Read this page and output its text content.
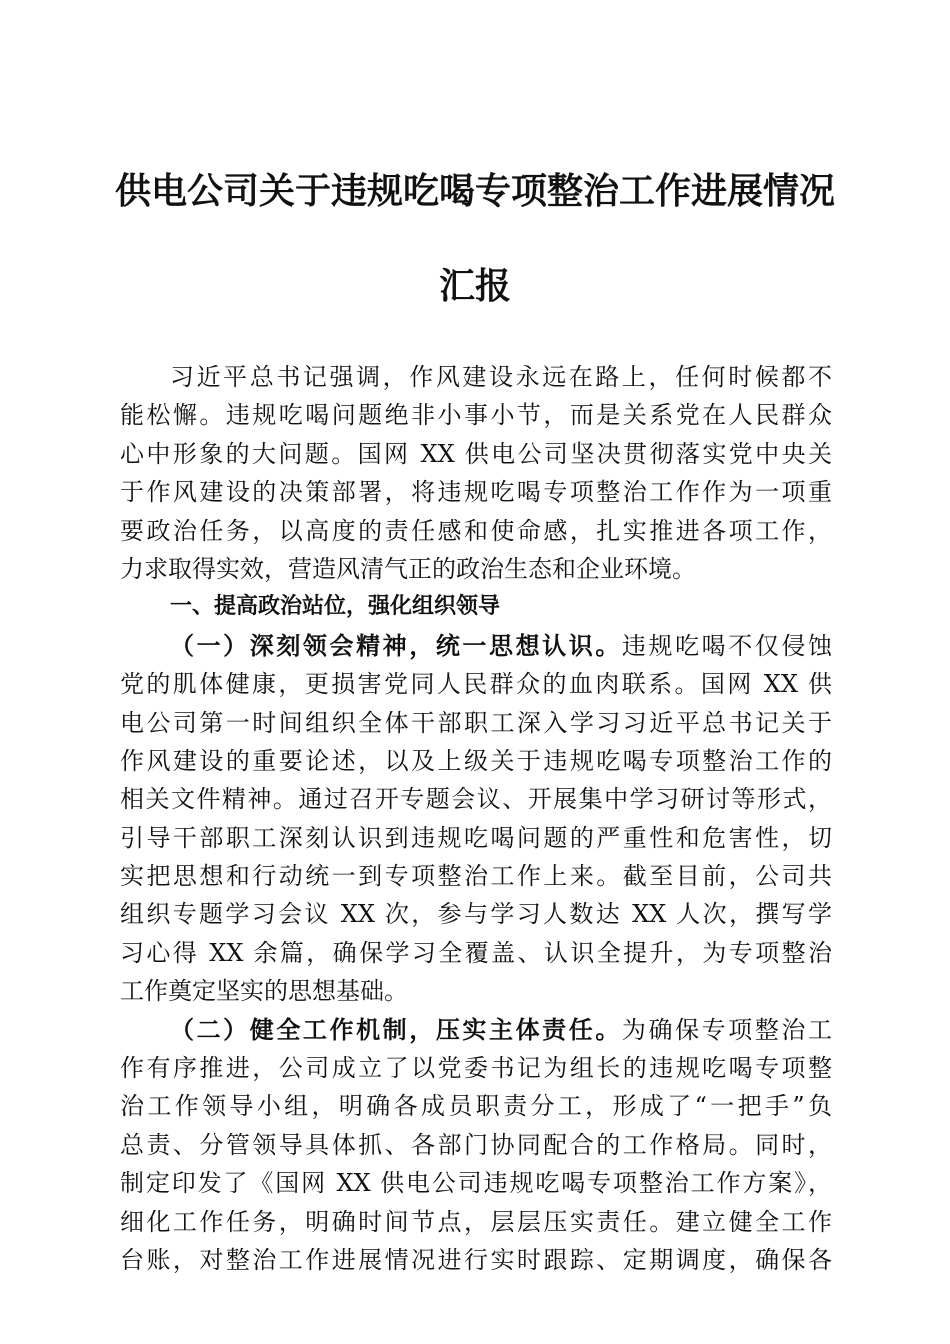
供电公司关于违规吃喝专项整治工作进展情况
汇报
习近平总书记强调，作风建设永远在路上，任何时候都不
能松懈。违规吃喝问题绝非小事小节，而是关系党在人民群众
心中形象的大问题。国网 XX 供电公司坚决贯彻落实党中央关
于作风建设的决策部署，将违规吃喝专项整治工作作为一项重
要政治任务，以高度的责任感和使命感，扎实推进各项工作，
力求取得实效，营造风清气正的政治生态和企业环境。
一、提高政治站位，强化组织领导
（一）深刻领会精神，统一思想认识。违规吃喝不仅侵蚀
党的肌体健康，更损害党同人民群众的血肉联系。国网 XX 供
电公司第一时间组织全体干部职工深入学习习近平总书记关于
作风建设的重要论述，以及上级关于违规吃喝专项整治工作的
相关文件精神。通过召开专题会议、开展集中学习研讨等形式，
引导干部职工深刻认识到违规吃喝问题的严重性和危害性，切
实把思想和行动统一到专项整治工作上来。截至目前，公司共
组织专题学习会议 XX 次，参与学习人数达 XX 人次，撰写学
习心得 XX 余篇，确保学习全覆盖、认识全提升，为专项整治
工作奠定坚实的思想基础。
（二）健全工作机制，压实主体责任。为确保专项整治工
作有序推进，公司成立了以党委书记为组长的违规吃喝专项整
治工作领导小组，明确各成员职责分工，形成了“一把手”负
总责、分管领导具体抓、各部门协同配合的工作格局。同时，
制定印发了《国网 XX 供电公司违规吃喝专项整治工作方案》，
细化工作任务，明确时间节点，层层压实责任。建立健全工作
台账，对整治工作进展情况进行实时跟踪、定期调度，确保各
